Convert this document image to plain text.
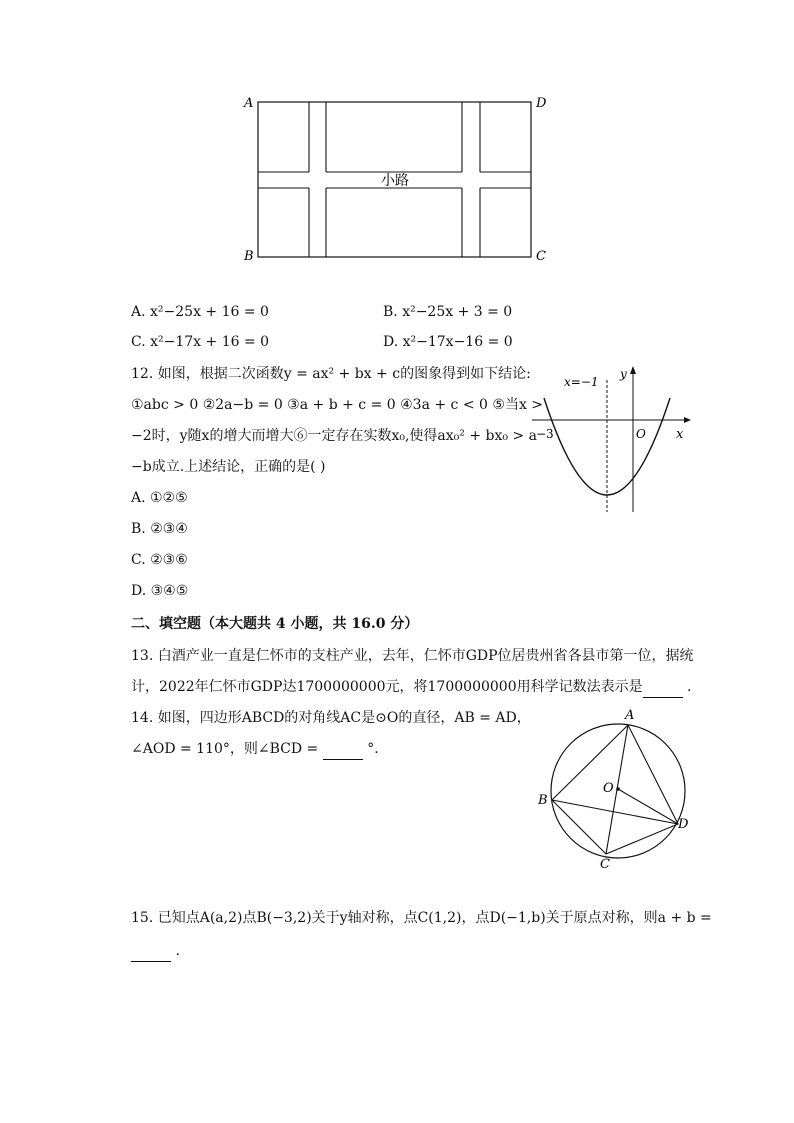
A	D
B	C
小路
A. x²−25x + 16 = 0	B. x²−25x + 3 = 0
C. x²−17x + 16 = 0	D. x²−17x−16 = 0
12. 如图，根据二次函数y = ax² + bx + c的图象得到如下结论:
①abc > 0 ②2a−b = 0 ③a + b + c = 0 ④3a + c < 0 ⑤当x >
−2时，y随x的增大而增大⑥一定存在实数x₀,使得ax₀² + bx₀ > a
−b成立.上述结论，正确的是( )
A. ①②⑤
B. ②③④
C. ②③⑥
D. ③④⑤
x=−1
y
x
O
−3
二、填空题（本大题共 4 小题，共 16.0 分）
13. 白酒产业一直是仁怀市的支柱产业，去年，仁怀市GDP位居贵州省各县市第一位，据统
计，2022年仁怀市GDP达1700000000元，将1700000000用科学记数法表示是	.
14. 如图，四边形ABCD的对角线AC是⊙O的直径，AB = AD，
∠AOD = 110°，则∠BCD =	°.
A
B
C
D
O
15. 已知点A(a,2)点B(−3,2)关于y轴对称，点C(1,2)，点D(−1,b)关于原点对称，则a + b =
.
